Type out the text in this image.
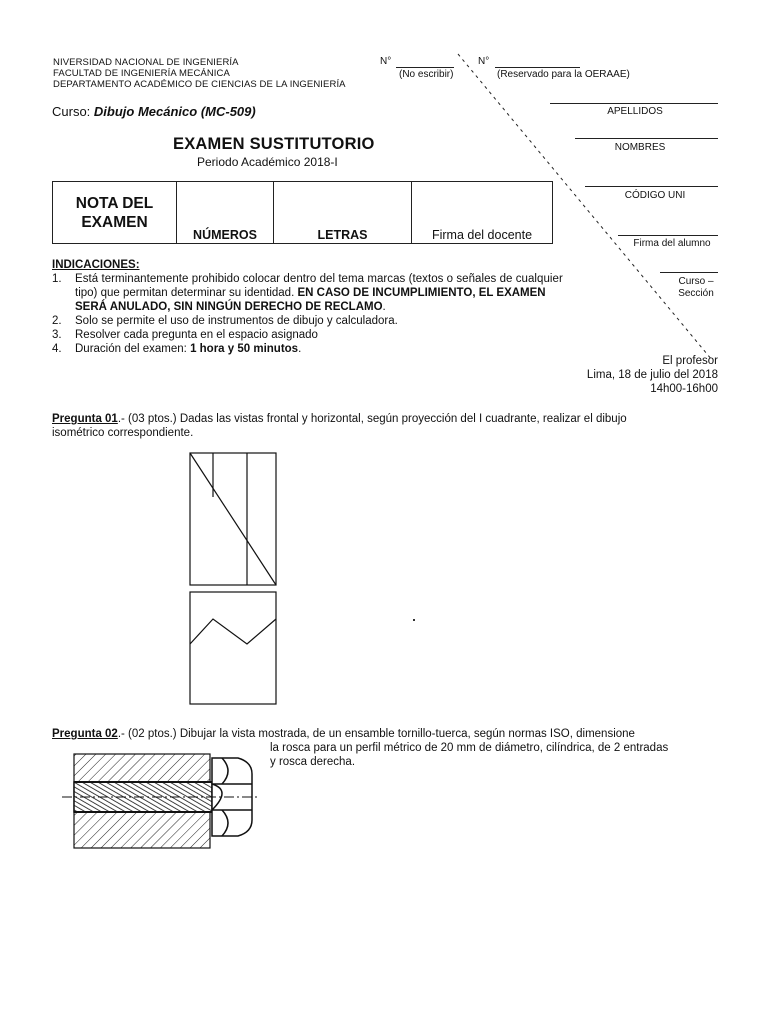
NIVERSIDAD NACIONAL DE INGENIERÍA
FACULTAD DE INGENIERÍA MECÁNICA
DEPARTAMENTO ACADÉMICO DE CIENCIAS DE LA INGENIERÍA
N°
(No escribir)
N°
(Reservado para la OERAAE)
Curso: Dibujo Mecánico (MC-509)
EXAMEN SUSTITUTORIO
Periodo Académico 2018-I
NOTA DEL
EXAMEN

NÚMEROS	LETRAS	Firma del docente
APELLIDOS
NOMBRES
CÓDIGO UNI
Firma del alumno
Curso –
Sección
INDICACIONES:
1. Está terminantemente prohibido colocar dentro del tema marcas (textos o señales de cualquier
tipo) que permitan determinar su identidad. EN CASO DE INCUMPLIMIENTO, EL EXAMEN
SERÁ ANULADO, SIN NINGÚN DERECHO DE RECLAMO.
2. Solo se permite el uso de instrumentos de dibujo y calculadora.
3. Resolver cada pregunta en el espacio asignado
4. Duración del examen: 1 hora y 50 minutos.
El profesor
Lima, 18 de julio del 2018
14h00-16h00
Pregunta 01.- (03 ptos.) Dadas las vistas frontal y horizontal, según proyección del I cuadrante, realizar el dibujo
isométrico correspondiente.
Pregunta 02.- (02 ptos.) Dibujar la vista mostrada, de un ensamble tornillo-tuerca, según normas ISO, dimensione
la rosca para un perfil métrico de 20 mm de diámetro, cilíndrica, de 2 entradas
y rosca derecha.
